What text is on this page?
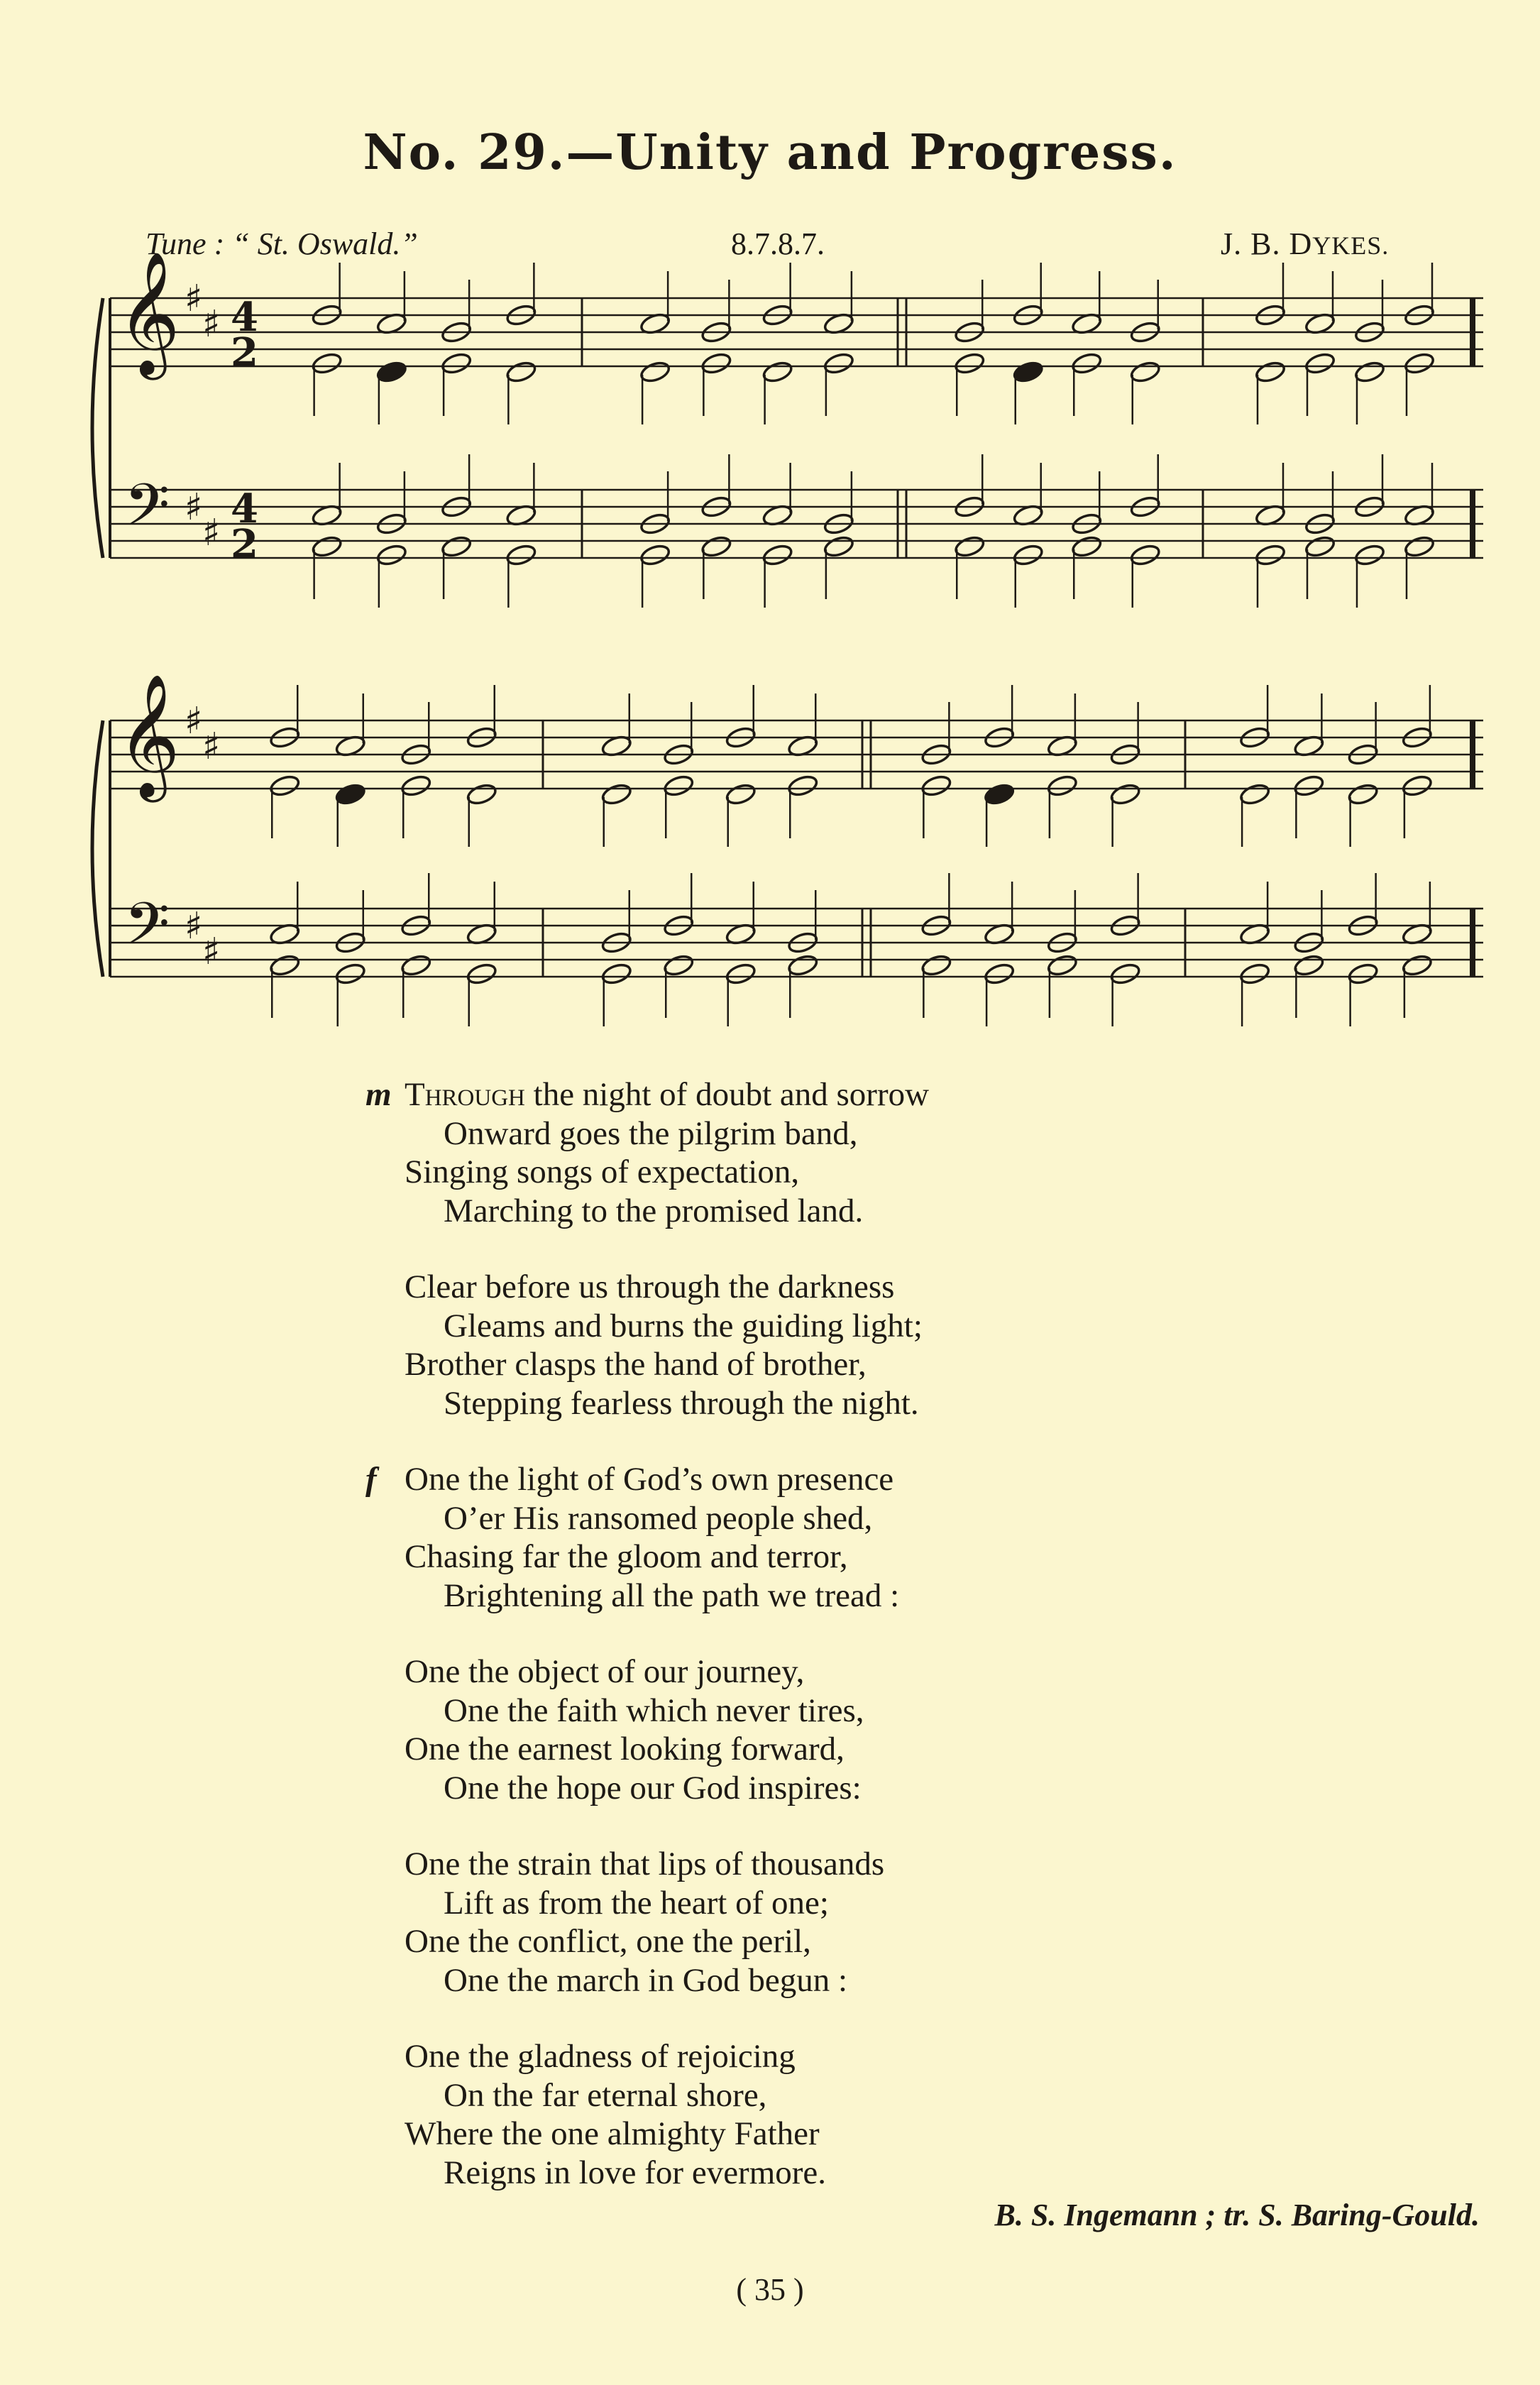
No. 29.—Unity and Progress.
Tune : “ St. Oswald.”	8.7.8.7.	J. B. DYKES.
𝄞
𝄢
♯
♯
♯
♯
4
2
4
2
𝄞
𝄢
♯
♯
♯
♯
m Through the night of doubt and sorrow
Onward goes the pilgrim band,
Singing songs of expectation,
Marching to the promised land.
Clear before us through the darkness
Gleams and burns the guiding light;
Brother clasps the hand of brother,
Stepping fearless through the night.
f One the light of God’s own presence
O’er His ransomed people shed,
Chasing far the gloom and terror,
Brightening all the path we tread :
One the object of our journey,
One the faith which never tires,
One the earnest looking forward,
One the hope our God inspires:
One the strain that lips of thousands
Lift as from the heart of one;
One the conflict, one the peril,
One the march in God begun :
One the gladness of rejoicing
On the far eternal shore,
Where the one almighty Father
Reigns in love for evermore.
B. S. Ingemann ; tr. S. Baring-Gould.
( 35 )
